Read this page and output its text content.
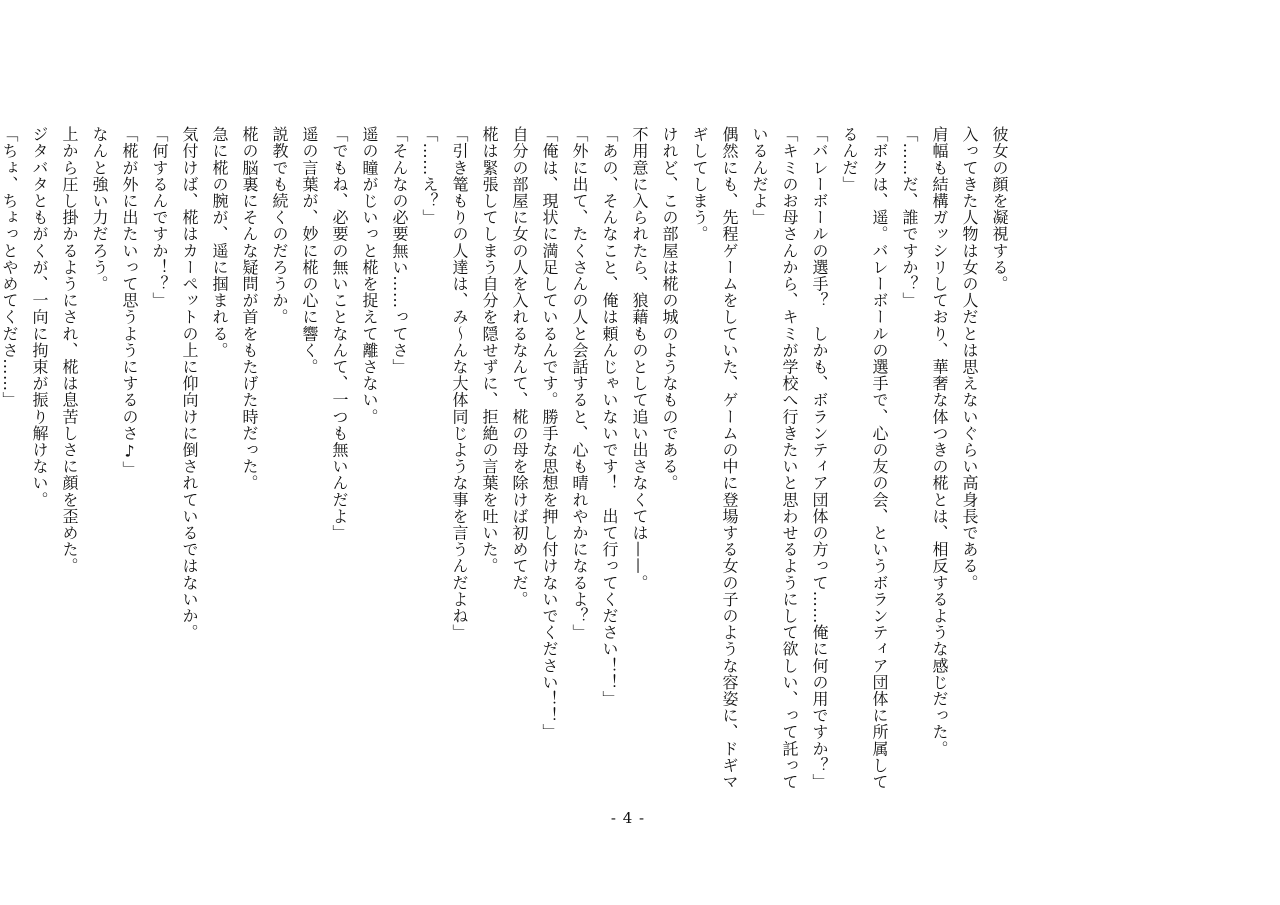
彼女の顔を凝視する。
入ってきた人物は女の人だとは思えないぐらい高身長である。
肩幅も結構ガッシリしており、華奢な体つきの椛とは、相反するような感じだった。
「……だ、誰ですか？」
「ボクは、遥。バレーボールの選手で、心の友の会、というボランティア団体に所属して
るんだ」
「バレーボールの選手？　しかも、ボランティア団体の方って……俺に何の用ですか？」
「キミのお母さんから、キミが学校へ行きたいと思わせるようにして欲しい、って託って
いるんだよ」
偶然にも、先程ゲームをしていた、ゲームの中に登場する女の子のような容姿に、ドギマ
ギしてしまう。
けれど、この部屋は椛の城のようなものである。
不用意に入られたら、狼藉ものとして追い出さなくては——。
「あの、そんなこと、俺は頼んじゃいないです！　出て行ってください！！」
「外に出て、たくさんの人と会話すると、心も晴れやかになるよ？」
「俺は、現状に満足しているんです。勝手な思想を押し付けないでください！！」
自分の部屋に女の人を入れるなんて、椛の母を除けば初めてだ。
椛は緊張してしまう自分を隠せずに、拒絶の言葉を吐いた。
「引き篭もりの人達は、み～んな大体同じような事を言うんだよね」
「……え？」
「そんなの必要無い……ってさ」
遥の瞳がじいっと椛を捉えて離さない。
「でもね、必要の無いことなんて、一つも無いんだよ」
遥の言葉が、妙に椛の心に響く。
説教でも続くのだろうか。
椛の脳裏にそんな疑問が首をもたげた時だった。
急に椛の腕が、遥に掴まれる。
気付けば、椛はカーペットの上に仰向けに倒されているではないか。
「何するんですか！？」
「椛が外に出たいって思うようにするのさ♪」
なんと強い力だろう。
上から圧し掛かるようにされ、椛は息苦しさに顔を歪めた。
ジタバタともがくが、一向に拘束が振り解けない。
「ちょ、ちょっとやめてくださ……」
- 4 -
